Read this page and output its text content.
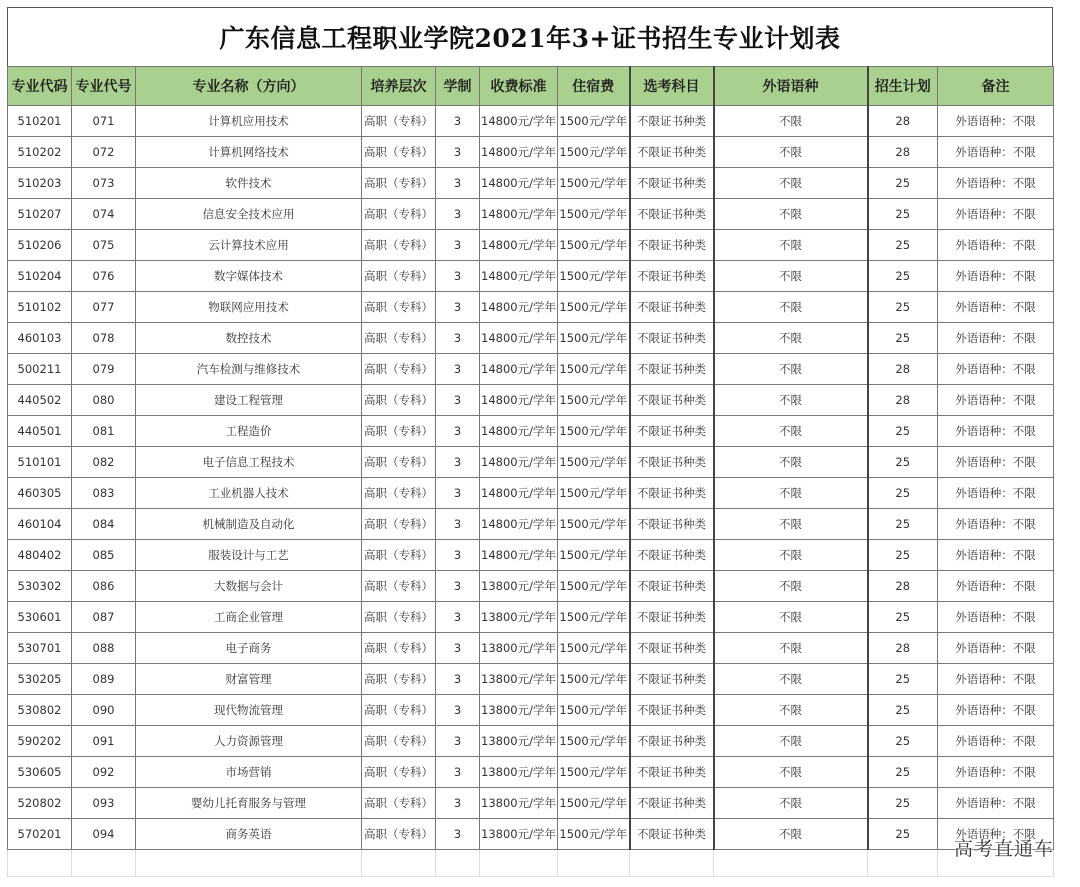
广东信息工程职业学院2021年3+证书招生专业计划表
专业代码	专业代号	专业名称（方向）	培养层次	学制	收费标准	住宿费	选考科目	外语语种	招生计划	备注
510201	071	计算机应用技术	高职（专科）	3	14800元/学年	1500元/学年	不限证书种类	不限	28	外语语种：不限
510202	072	计算机网络技术	高职（专科）	3	14800元/学年	1500元/学年	不限证书种类	不限	28	外语语种：不限
510203	073	软件技术	高职（专科）	3	14800元/学年	1500元/学年	不限证书种类	不限	25	外语语种：不限
510207	074	信息安全技术应用	高职（专科）	3	14800元/学年	1500元/学年	不限证书种类	不限	25	外语语种：不限
510206	075	云计算技术应用	高职（专科）	3	14800元/学年	1500元/学年	不限证书种类	不限	25	外语语种：不限
510204	076	数字媒体技术	高职（专科）	3	14800元/学年	1500元/学年	不限证书种类	不限	25	外语语种：不限
510102	077	物联网应用技术	高职（专科）	3	14800元/学年	1500元/学年	不限证书种类	不限	25	外语语种：不限
460103	078	数控技术	高职（专科）	3	14800元/学年	1500元/学年	不限证书种类	不限	25	外语语种：不限
500211	079	汽车检测与维修技术	高职（专科）	3	14800元/学年	1500元/学年	不限证书种类	不限	28	外语语种：不限
440502	080	建设工程管理	高职（专科）	3	14800元/学年	1500元/学年	不限证书种类	不限	28	外语语种：不限
440501	081	工程造价	高职（专科）	3	14800元/学年	1500元/学年	不限证书种类	不限	25	外语语种：不限
510101	082	电子信息工程技术	高职（专科）	3	14800元/学年	1500元/学年	不限证书种类	不限	25	外语语种：不限
460305	083	工业机器人技术	高职（专科）	3	14800元/学年	1500元/学年	不限证书种类	不限	25	外语语种：不限
460104	084	机械制造及自动化	高职（专科）	3	14800元/学年	1500元/学年	不限证书种类	不限	25	外语语种：不限
480402	085	服装设计与工艺	高职（专科）	3	14800元/学年	1500元/学年	不限证书种类	不限	25	外语语种：不限
530302	086	大数据与会计	高职（专科）	3	13800元/学年	1500元/学年	不限证书种类	不限	28	外语语种：不限
530601	087	工商企业管理	高职（专科）	3	13800元/学年	1500元/学年	不限证书种类	不限	25	外语语种：不限
530701	088	电子商务	高职（专科）	3	13800元/学年	1500元/学年	不限证书种类	不限	28	外语语种：不限
530205	089	财富管理	高职（专科）	3	13800元/学年	1500元/学年	不限证书种类	不限	25	外语语种：不限
530802	090	现代物流管理	高职（专科）	3	13800元/学年	1500元/学年	不限证书种类	不限	25	外语语种：不限
590202	091	人力资源管理	高职（专科）	3	13800元/学年	1500元/学年	不限证书种类	不限	25	外语语种：不限
530605	092	市场营销	高职（专科）	3	13800元/学年	1500元/学年	不限证书种类	不限	25	外语语种：不限
520802	093	婴幼儿托育服务与管理	高职（专科）	3	13800元/学年	1500元/学年	不限证书种类	不限	25	外语语种：不限
570201	094	商务英语	高职（专科）	3	13800元/学年	1500元/学年	不限证书种类	不限	25	外语语种：不限

高考直通车
